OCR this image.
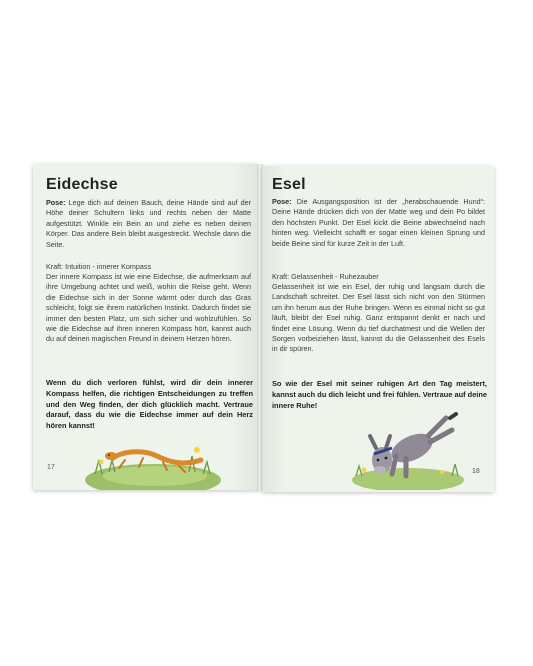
Eidechse
Pose: Lege dich auf deinen Bauch, deine Hände sind auf der Höhe deiner Schultern links und rechts neben der Matte aufgestützt. Winkle ein Bein an und ziehe es neben deinen Körper. Das andere Bein bleibt ausgestreckt. Wechsle dann die Seite.
Kraft: Intuition - innerer Kompass
Der innere Kompass ist wie eine Eidechse, die aufmerksam auf ihre Umgebung achtet und weiß, wohin die Reise geht. Wenn die Eidechse sich in der Sonne wärmt oder durch das Gras schleicht, folgt sie ihrem natürlichen Instinkt. Dadurch findet sie immer den besten Platz, um sich sicher und wohlzufühlen. So wie die Eidechse auf ihren inneren Kompass hört, kannst auch du auf deinen magischen Freund in deinem Herzen hören.
Wenn du dich verloren fühlst, wird dir dein innerer Kompass helfen, die richtigen Entscheidungen zu treffen und den Weg finden, der dich glücklich macht. Vertraue darauf, dass du wie die Eidechse immer auf dein Herz hören kannst!
17
Esel
Pose: Die Ausgangsposition ist der „herabschauende Hund“: Deine Hände drücken dich von der Matte weg und dein Po bildet den höchsten Punkt. Der Esel kickt die Beine abwechselnd nach hinten weg. Vielleicht schafft er sogar einen kleinen Sprung und beide Beine sind für kurze Zeit in der Luft.
Kraft: Gelassenheit - Ruhezauber
Gelassenheit ist wie ein Esel, der ruhig und langsam durch die Landschaft schreitet. Der Esel lässt sich nicht von den Stürmen um ihn herum aus der Ruhe bringen. Wenn es einmal nicht so gut läuft, bleibt der Esel ruhig. Ganz entspannt denkt er nach und findet eine Lösung. Wenn du tief durchatmest und die Wellen der Sorgen vorbeiziehen lässt, kannst du die Gelassenheit des Esels in dir spüren.
So wie der Esel mit seiner ruhigen Art den Tag meistert, kannst auch du dich leicht und frei fühlen. Vertraue auf deine innere Ruhe!
18
